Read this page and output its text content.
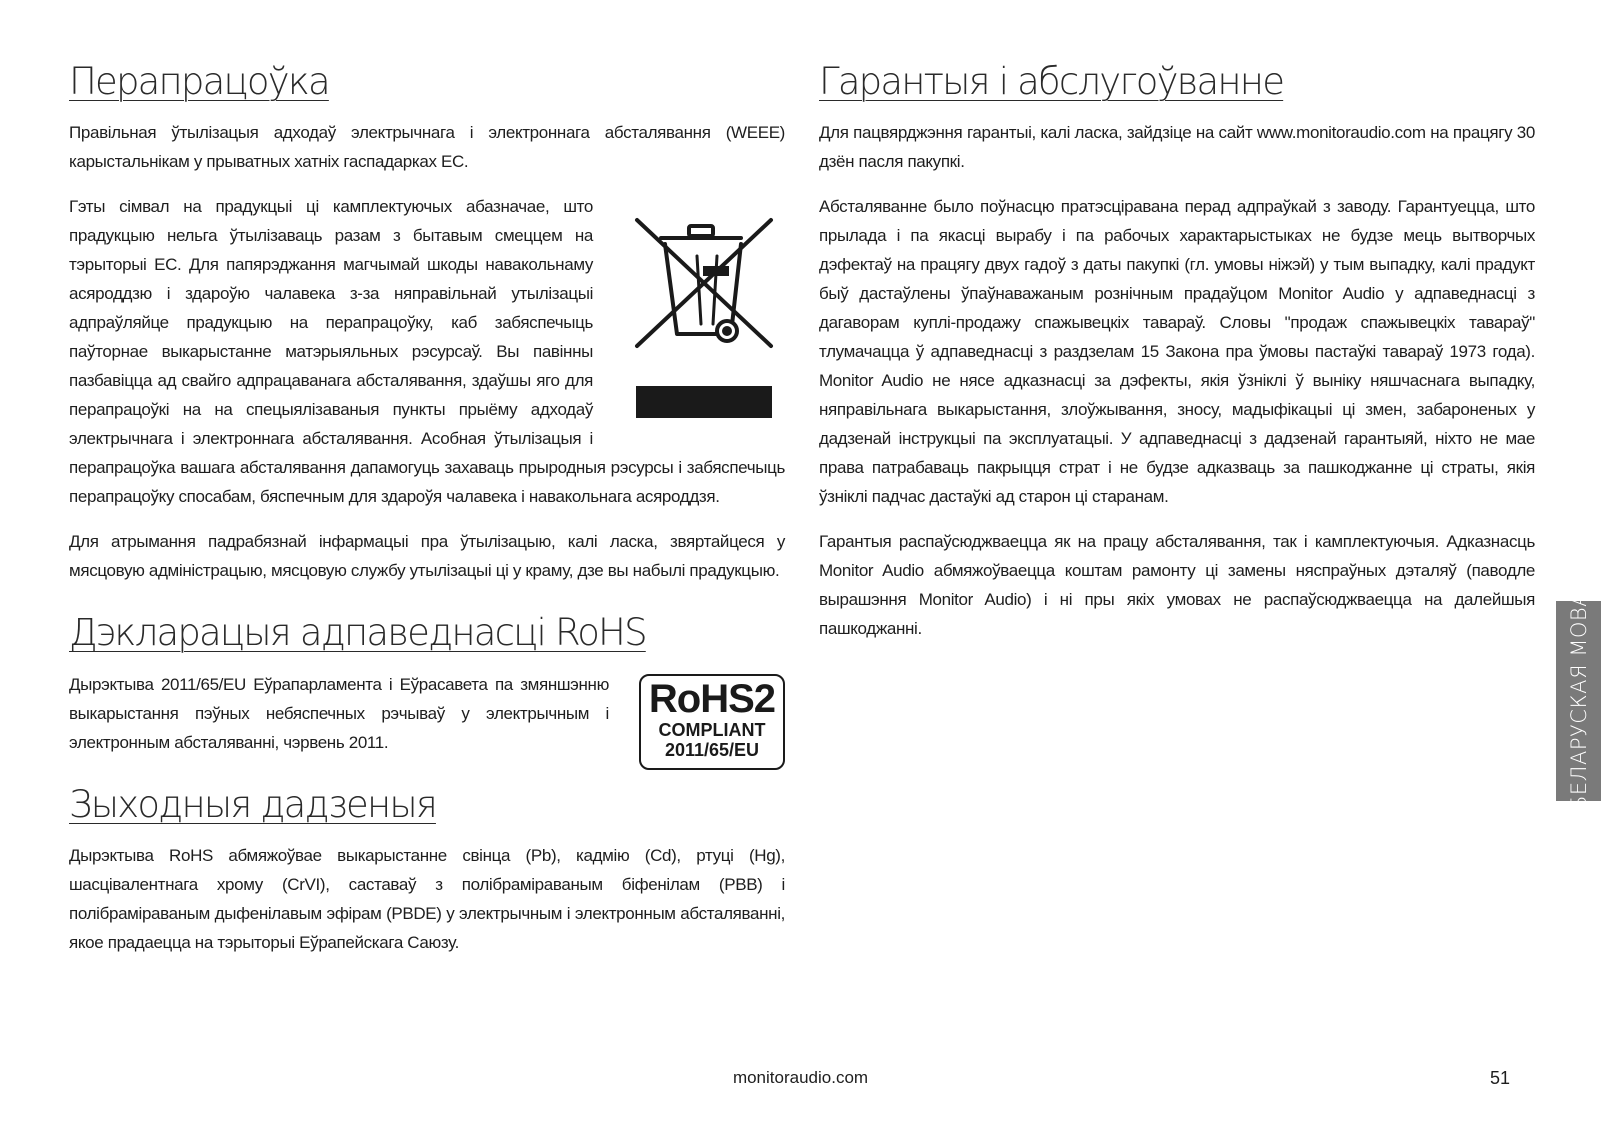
Перапрацоўка

Правільная ўтылізацыя адходаў электрычнага і электроннага абсталявання (WEEE) карыстальнікам у прыватных хатніх гаспадарках ЕС.

Гэты сімвал на прадукцыі ці камплектуючых абазначае, што прадукцыю нельга ўтылізаваць разам з бытавым смеццем на тэрыторыі ЕС. Для папярэджання магчымай шкоды навакольнаму асяроддзю і здароўю чалавека з-за няправільнай утылізацыі адпраўляйце прадукцыю на перапрацоўку, каб забяспечыць паўторнае выкарыстанне матэрыяльных рэсурсаў. Вы павінны пазбавіцца ад свайго адпрацаванага абсталявання, здаўшы яго для перапрацоўкі на на спецыялізаваныя пункты прыёму адходаў электрычнага і электроннага абсталявання. Асобная ўтылізацыя і перапрацоўка вашага абсталявання дапамогуць захаваць прыродныя рэсурсы і забяспечыць перапрацоўку спосабам, бяспечным для здароўя чалавека і навакольнага асяроддзя.

Для атрымання падрабязнай інфармацыі пра ўтылізацыю, калі ласка, звяртайцеся у мясцовую адміністрацыю, мясцовую службу утылізацыі ці у краму, дзе вы набылі прадукцыю.

Дэкларацыя адпаведнасці RoHS
RoHS2
COMPLIANT
2011/65/EU

Дырэктыва 2011/65/EU Еўрапарламента і Еўрасавета па змяншэнню выкарыстання пэўных небяспечных рэчываў у электрычным і электронным абсталяванні, чэрвень 2011.

Зыходныя дадзеныя

Дырэктыва RoHS абмяжоўвае выкарыстанне свінца (Pb), кадмію (Cd), ртуці (Hg), шасцівалентнага хрому (CrVI), саставаў з полібраміраваным біфенілам (PBB) і полібраміраваным дыфенілавым эфірам (PBDE) у электрычным і электронным абсталяванні, якое прадаецца на тэрыторыі Еўрапейскага Саюзу.

Гарантыя і абслугоўванне

Для пацвярджэння гарантыі, калі ласка, зайдзіце на сайт www.monitoraudio.com на працягу 30 дзён пасля пакупкі.

Абсталяванне было поўнасцю пратэсціравана перад адпраўкай з заводу. Гарантуецца, што прылада і па якасці вырабу і па рабочых характарыстыках не будзе мець вытворчых дэфектаў на працягу двух гадоў з даты пакупкі (гл. умовы ніжэй) у тым выпадку, калі прадукт быў дастаўлены ўпаўнаважаным рознічным прадаўцом Monitor Audio у адпаведнасці з дагаворам куплі-продажу спажывецкіх тавараў. Словы "продаж спажывецкіх тавараў" тлумачацца ў адпаведнасці з раздзелам 15 Закона пра ўмовы пастаўкі тавараў 1973 года). Monitor Audio не нясе адказнасці за дэфекты, якія ўзніклі ў выніку няшчаснага выпадку, няправільнага выкарыстання, злоўжывання, зносу, мадыфікацыі ці змен, забароненых у дадзенай інструкцыі па эксплуатацыі. У адпаведнасці з дадзенай гарантыяй, ніхто не мае права патрабаваць пакрыцця страт і не будзе адказваць за пашкоджанне ці страты, якія ўзніклі падчас дастаўкі ад старон ці старанам.

Гарантыя распаўсюджваецца як на працу абсталявання, так і камплектуючыя. Адказнасць Monitor Audio абмяжоўваецца коштам рамонту ці замены няспраўных дэталяў (паводле вырашэння Monitor Audio) і ні пры якіх умовах не распаўсюджваецца на далейшыя пашкоджанні.	БЕЛАРУСКАЯ МОВА
monitoraudio.com	51
